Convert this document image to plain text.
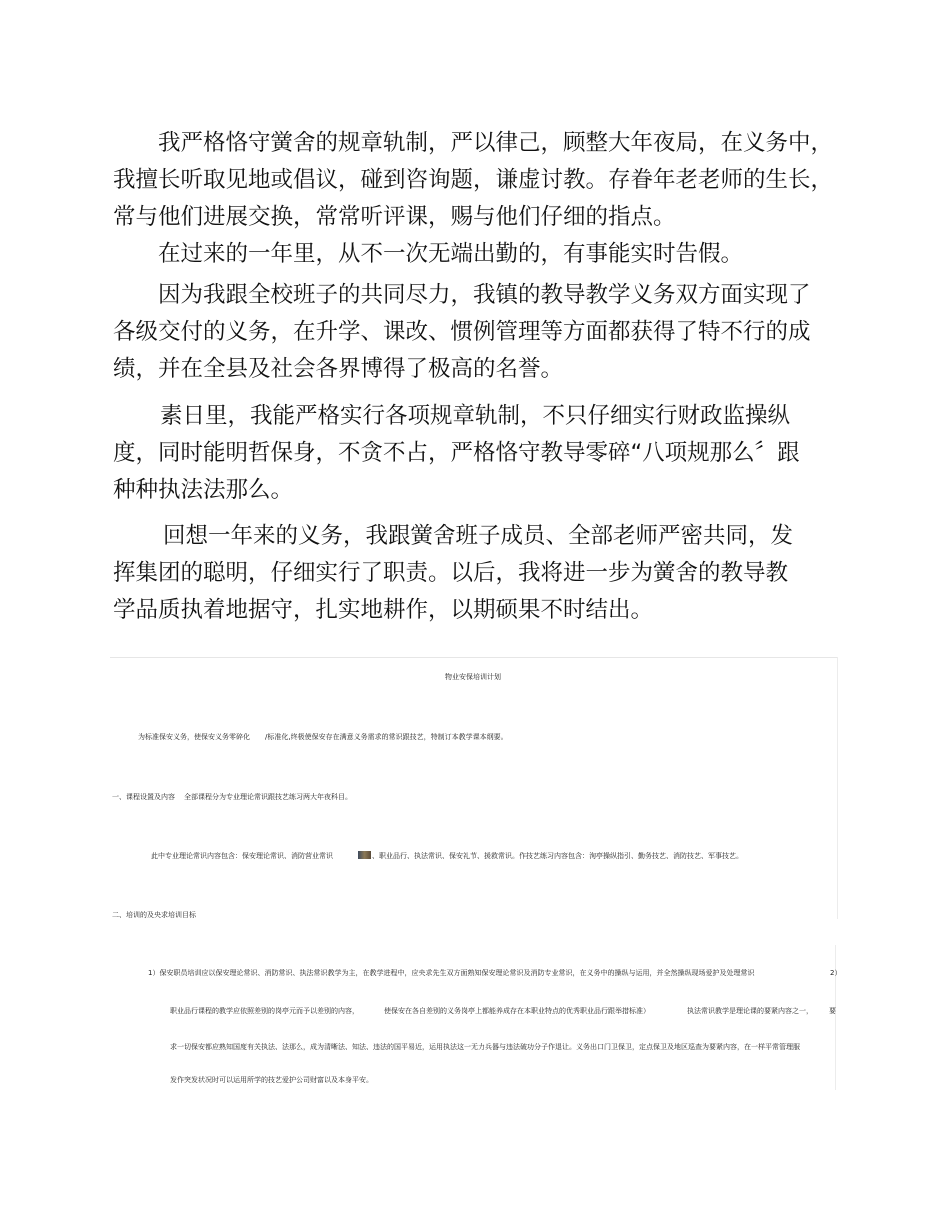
我严格恪守黉舍的规章轨制，严以律己，顾整大年夜局，在义务中，

我擅长听取见地或倡议，碰到咨询题，谦虚讨教。存眷年老老师的生长，

常与他们进展交换，常常听评课，赐与他们仔细的指点。

在过来的一年里，从不一次无端出勤的，有事能实时告假。

因为我跟全校班子的共同尽力，我镇的教导教学义务双方面实现了

各级交付的义务，在升学、课改、惯例管理等方面都获得了特不行的成

绩，并在全县及社会各界博得了极高的名誉。

素日里，我能严格实行各项规章轨制，不只仔细实行财政监操纵

度，同时能明哲保身，不贪不占，严格恪守教导零碎“八项规那么〞跟

种种执法法那么。

回想一年来的义务，我跟黉舍班子成员、全部老师严密共同，发

挥集团的聪明，仔细实行了职责。以后，我将进一步为黉舍的教导教

学品质执着地据守，扎实地耕作，以期硕果不时结出。

物业安保培训计划
为标准保安义务，使保安义务零碎化 /标准化,终极使保安存在满意义务需求的常识跟技艺，特制订本教学课本纲要。
一、课程设置及内容 全部课程分为专业理论常识跟技艺练习两大年夜科目。
此中专业理论常识内容包含：保安理论常识、消防营业常识	、职业品行、执法常识、保安礼节、援救常识。作技艺练习内容包含：洵亭操纵指引、勤务技艺、消防技艺、军事技艺。
二、培训的及央求培训目标
1）保安职员培训应以保安理论常识、消防常识、执法常识教学为主，在教学进程中，应央求先生双方面熟知保安理论常识及消防专业常识，在义务中的操纵与运用，并全然操纵现场爱护及处理常识	2）
职业品行课程的教学应依照差别的岗亭元而予以差别的内容，	使保安在各自差别的义务岗亭上都能养成存在本职业特点的优秀职业品行跟举措标准）	执法常识教学是理论课的要紧内容之一， 要
求一切保安都应熟知国度有关执法、法那么，成为清晰法、知法、违法的国平易近，运用执法这一无力兵器与违法破功分子作退让。义务出口门卫保卫，定点保卫及地区巡查为要紧内容，在一样平常管理服
发作突发状况时可以运用所学的技艺爱护公司财富以及本身平安。
